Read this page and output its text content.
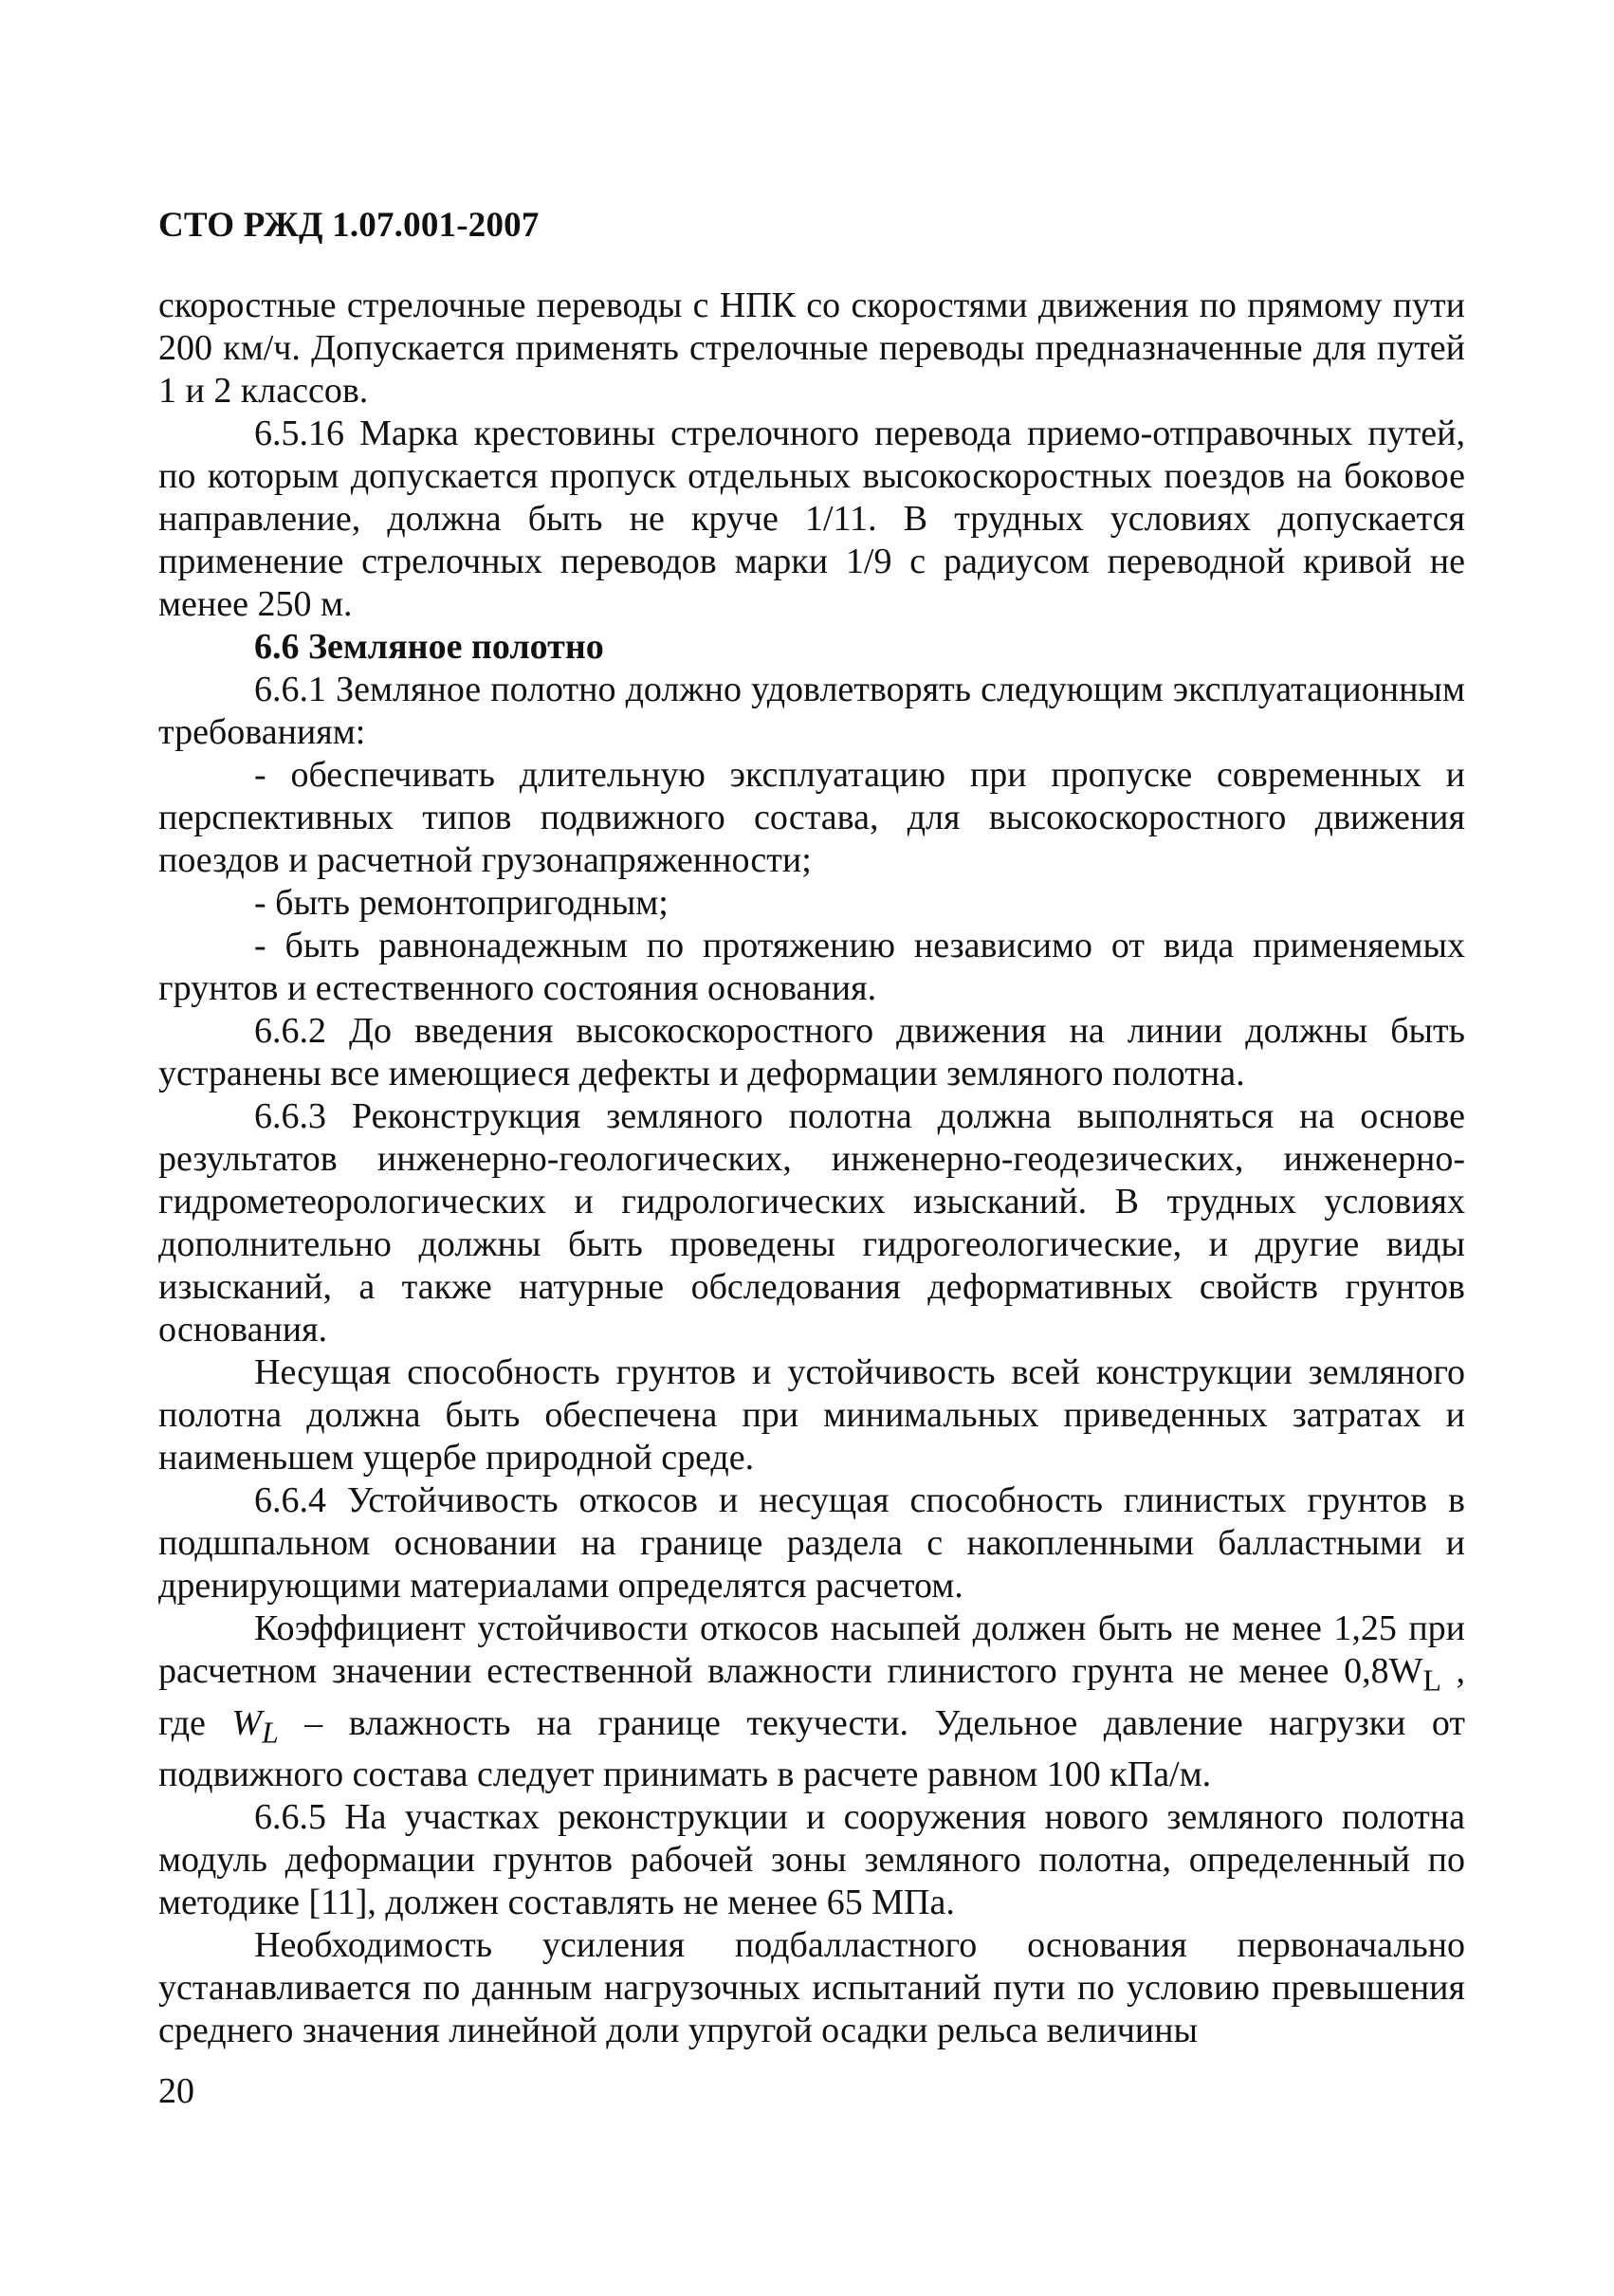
СТО РЖД 1.07.001-2007

скоростные стрелочные переводы с НПК со скоростями движения по прямому пути 200 км/ч. Допускается применять стрелочные переводы предназначенные для путей 1 и 2 классов.

6.5.16 Марка крестовины стрелочного перевода приемо-отправочных путей, по которым допускается пропуск отдельных высокоскоростных поездов на боковое направление, должна быть не круче 1/11. В трудных условиях допускается применение стрелочных переводов марки 1/9 с радиусом переводной кривой не менее 250 м.

6.6 Земляное полотно

6.6.1 Земляное полотно должно удовлетворять следующим эксплуатационным требованиям:

- обеспечивать длительную эксплуатацию при пропуске современных и перспективных типов подвижного состава, для высокоскоростного движения поездов и расчетной грузонапряженности;

- быть ремонтопригодным;

- быть равнонадежным по протяжению независимо от вида применяемых грунтов и естественного состояния основания.

6.6.2 До введения высокоскоростного движения на линии должны быть устранены все имеющиеся дефекты и деформации земляного полотна.

6.6.3 Реконструкция земляного полотна должна выполняться на основе результатов инженерно-геологических, инженерно-геодезических, инженерно-гидрометеорологических и гидрологических изысканий. В трудных условиях дополнительно должны быть проведены гидрогеологические, и другие виды изысканий, а также натурные обследования деформативных свойств грунтов основания.

Несущая способность грунтов и устойчивость всей конструкции земляного полотна должна быть обеспечена при минимальных приведенных затратах и наименьшем ущербе природной среде.

6.6.4 Устойчивость откосов и несущая способность глинистых грунтов в подшпальном основании на границе раздела с накопленными балластными и дренирующими материалами определятся расчетом.

Коэффициент устойчивости откосов насыпей должен быть не менее 1,25 при расчетном значении естественной влажности глинистого грунта не менее $0,8W_L$ , где $W_L$ – влажность на границе текучести. Удельное давление нагрузки от подвижного состава следует принимать в расчете равном 100 кПа/м.

6.6.5 На участках реконструкции и сооружения нового земляного полотна модуль деформации грунтов рабочей зоны земляного полотна, определенный по методике [11], должен составлять не менее 65 МПа.

Необходимость усиления подбалластного основания первоначально устанавливается по данным нагрузочных испытаний пути по условию превышения среднего значения линейной доли упругой осадки рельса величины

20
